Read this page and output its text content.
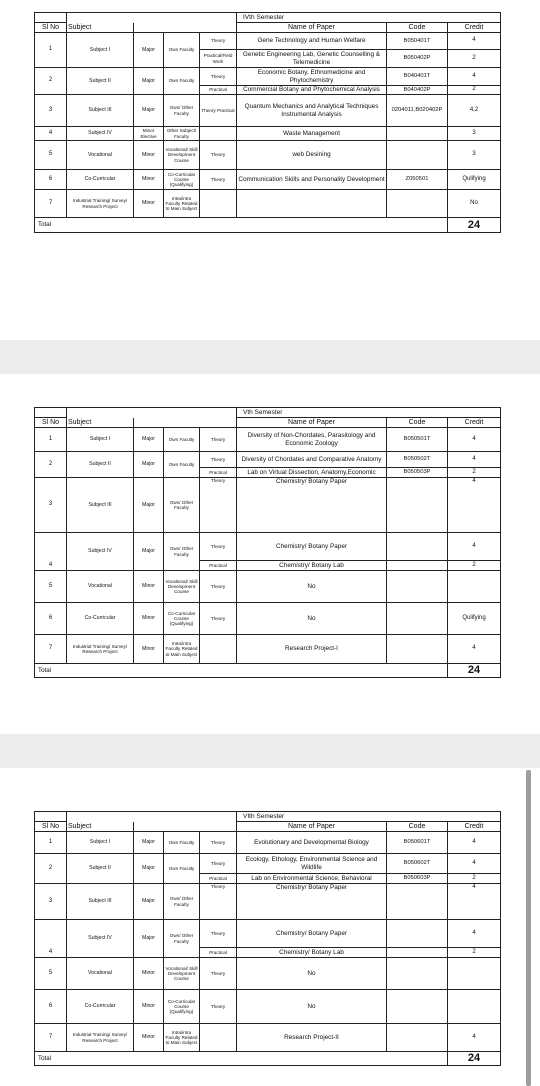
					IVth Semester		
Sl No	Subject				Name of Paper	Code	Credit
1	Subject I	Major	Own Faculty	Theory	Gene Technology and Human Welfare	B050401T	4
				Practical/Field Work	Genetic Engineering Lab, Genetic Counselling & Telemedicine	B050402P	2
2	Subject II	Major	Own Faculty	Theory	Economic Botany, Ethnomedicine and Phytochemistry	B040401T	4
				Practical	Commercial Botany and Phytochemical Analysis	B040402P	2
3	Subject III	Major	Own/ Other Faculty	Theory Practical	Quantum Mechanics and Analytical Techniques Instrumental Analysis	0204011,B020402P	4,2
4	Subject IV	Minor Elective	Other Subject/ Faculty		Waste Management		3
5	Vocational	Minor	Vocational/ Skill Development Course	Theory	web Desining		3
6	Co-Curricular	Minor	Co-Curricular Course (Qualifying)	Theory	Communication Skills and Personality Development	Z050501	Qulifying
7	Industrial Training/ Survey/ Research Project	Minor	Intra/intra Faculty Related to Main Subject				No
Total							24
					Vth Semester		
Sl No	Subject				Name of Paper	Code	Credit
1	Subject I	Major	Own Faculty	Theory	Diversity of Non-Chordates, Parasitology and Economic Zoology	B050501T	4
2	Subject II	Major	Own Faculty	Theory	Diversity of Chordates and Comparative Anatomy	B050502T	4
				Practical	Lab on Virtual Dissection, Anatomy,Economic	B050503P	2
3	Subject III	Major	Own/ Other Faculty	Theory	Chemistry/ Botany Paper		4
	Subject IV	Major	Own/ Other Faculty	Theory	Chemistry/ Botany Paper		4
4				Practical	Chemistry/ Botany Lab		2
5	Vocational	Minor	Vocational/ Skill Development Course	Theory	No		
6	Co-Curricular	Minor	Co-Curricular Course (Qualifying)	Theory	No		Qulifying
7	Industrial Training/ Survey/ Research Project	Minor	Intra/intra Faculty Related to Main Subject		Research Project-I		4
Total							24
					VIth Semester		
Sl No	Subject				Name of Paper	Code	Credit
1	Subject I	Major	Own Faculty	Theory	Evolutionary and Developmental Biology	B050601T	4
2	Subject II	Major	Own Faculty	Theory	Ecology, Ethology, Environmental Science and Wildlife	B050602T	4
				Practical	Lab on Environmental Science, Behavioral	B050603P	2
3	Subject III	Major	Own/ Other Faculty	Theory	Chemistry/ Botany Paper		4
	Subject IV	Major	Own/ Other Faculty	Theory	Chemistry/ Botany Paper		4
4				Practical	Chemistry/ Botany Lab		2
5	Vocational	Minor	Vocational/ Skill Development Course	Theory	No		
6	Co-Curricular	Minor	Co-Curricular Course (Qualifying)	Theory	No		
7	Industrial Training/ Survey/ Research Project	Minor	Intra/intra Faculty Related to Main Subject		Research Project-II		4
Total							24
